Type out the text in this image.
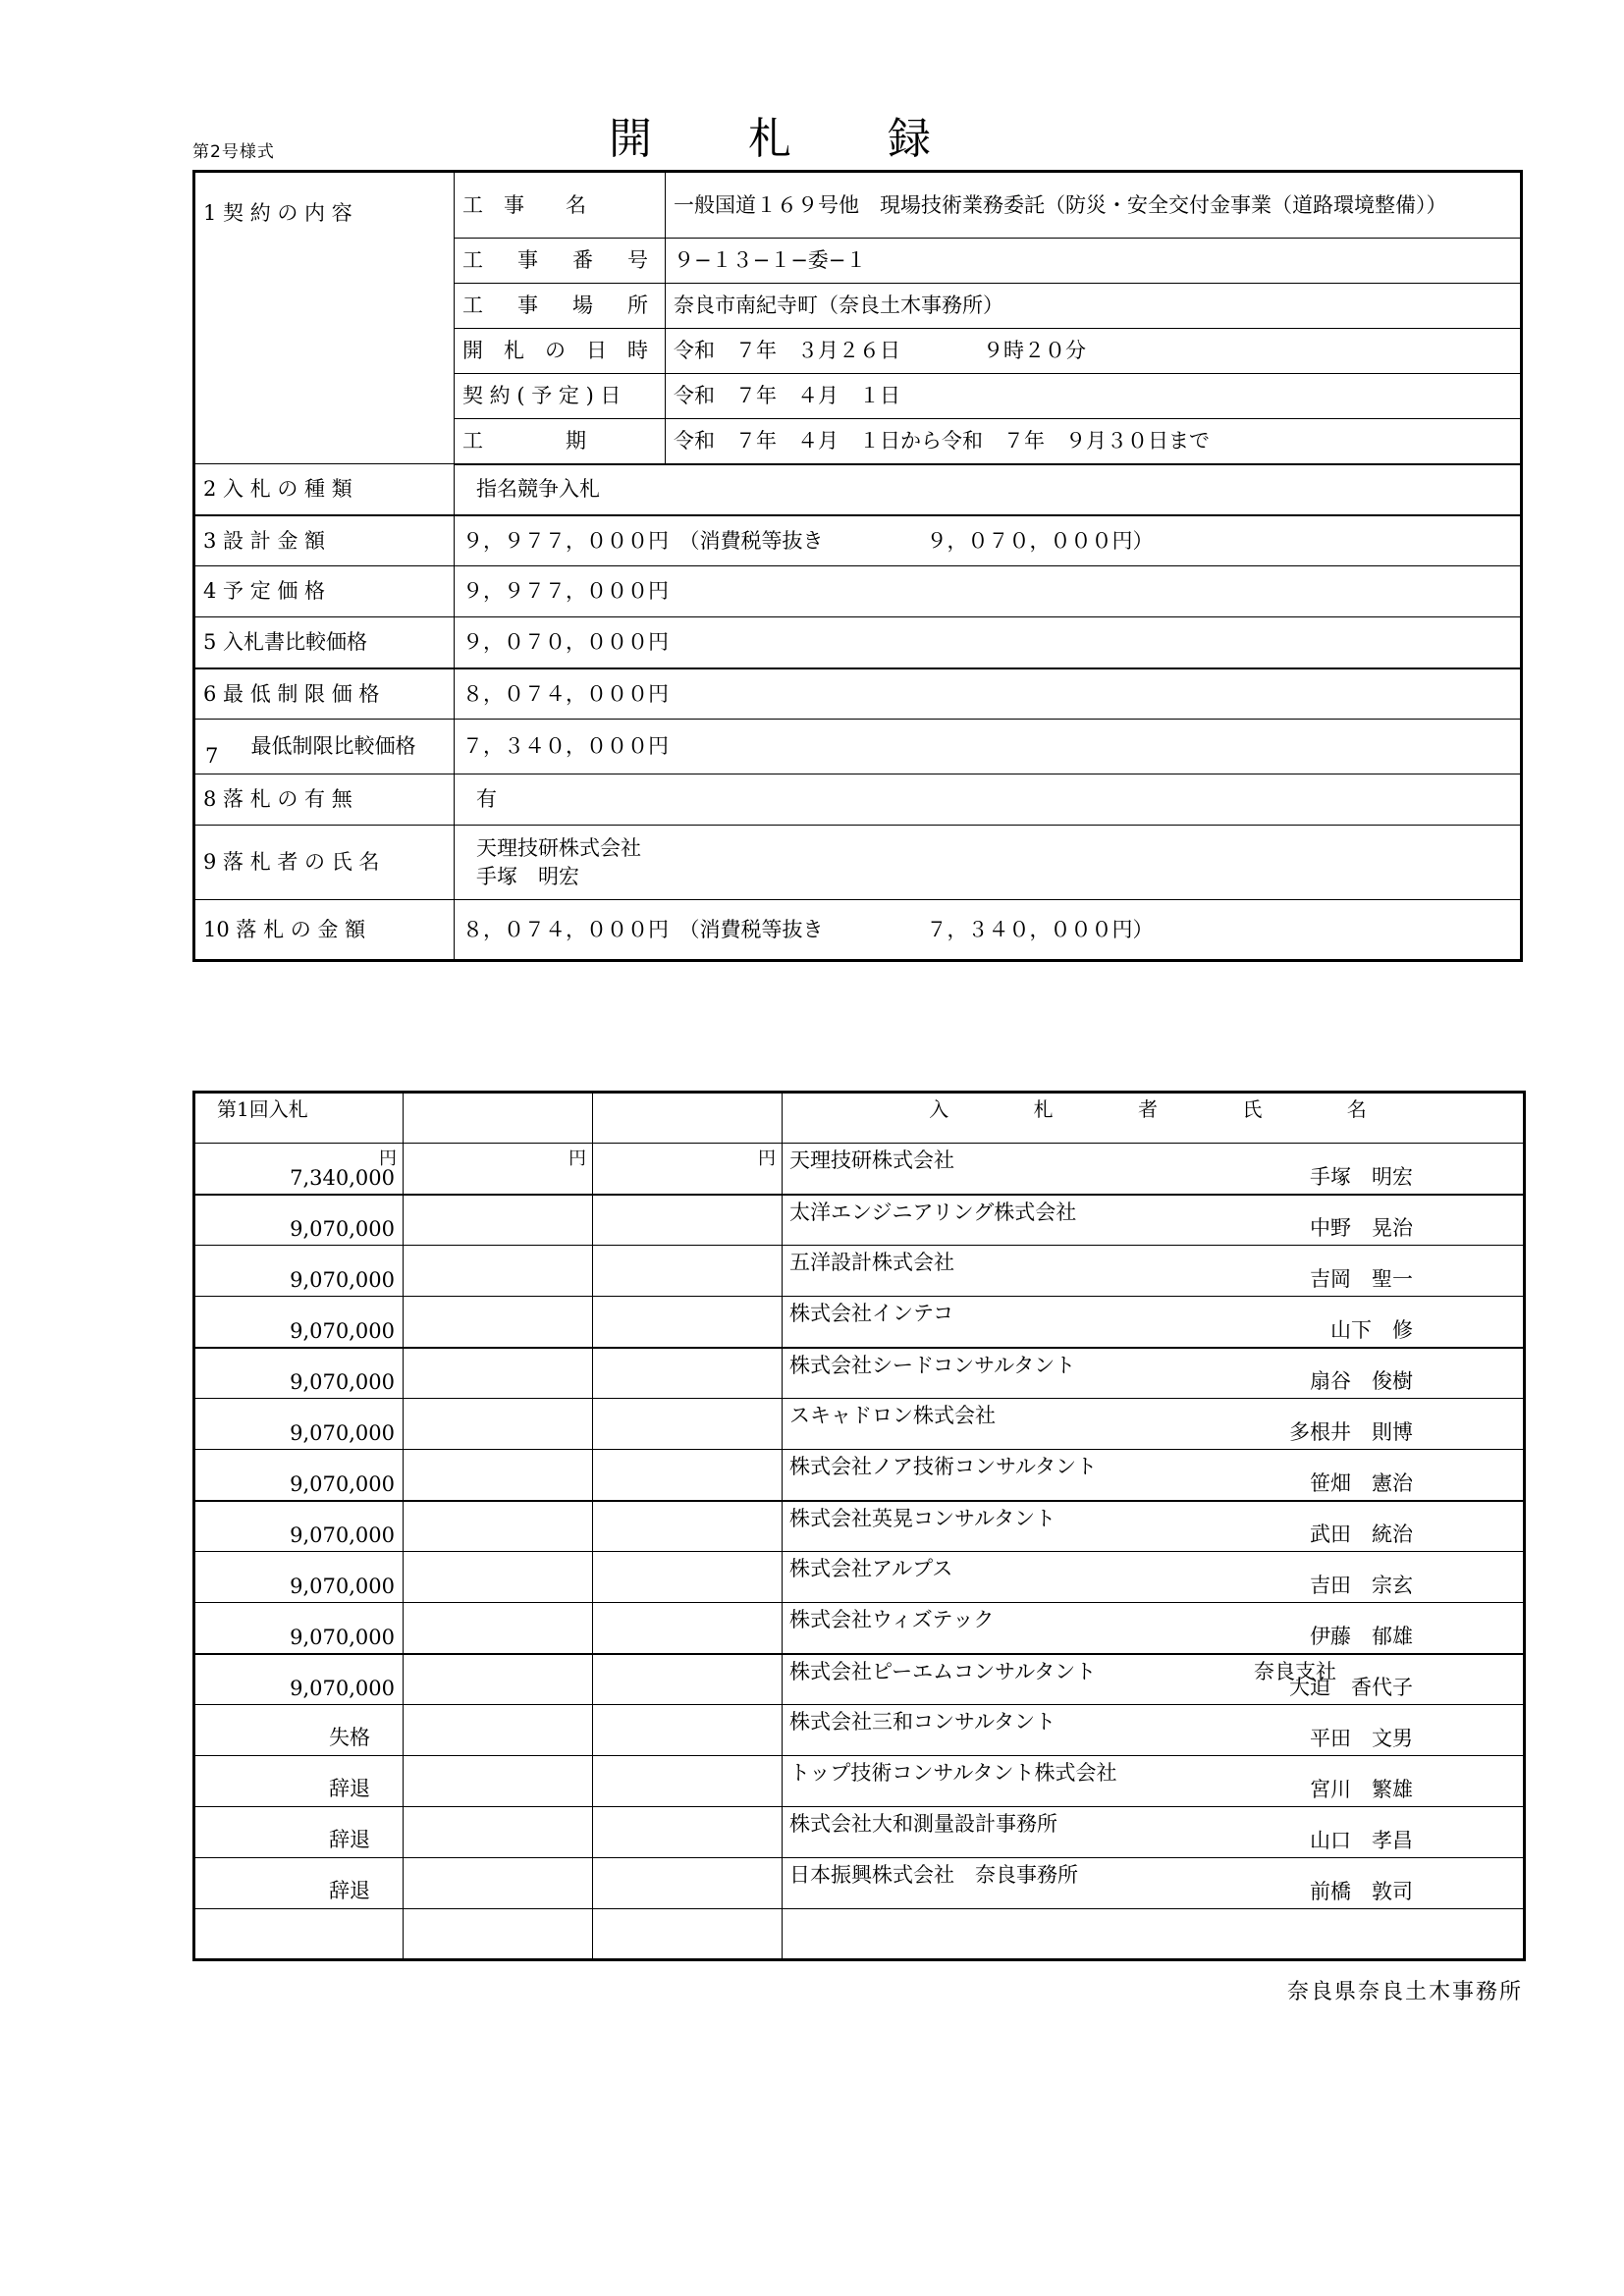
第2号様式	開 札 録
1 契 約 の 内 容	工　事　　名	一般国道１６９号他　現場技術業務委託（防災・安全交付金事業（道路環境整備））
	工　事　番　号	９−１３−１−委−１
	工　事　場　所	奈良市南紀寺町（奈良土木事務所）
	開　札　の　日　時	令和　７年　３月２６日　　　　９時２０分
	契 約 ( 予 定 ) 日	令和　７年　４月　１日
	工　　　　期	令和　７年　４月　１日から令和　７年　９月３０日まで
2 入 札 の 種 類	指名競争入札	
3 設 計 金 額	９，９７７，０００円　（消費税等抜き　　　　　９，０７０，０００円）	
4 予 定 価 格	９，９７７，０００円	
5 入札書比較価格	９，０７０，０００円	
6 最 低 制 限 価 格	８，０７４，０００円	

7 最低制限比較価格	７，３４０，０００円	
8 落 札 の 有 無	有	
9 落 札 者 の 氏 名	天理技研株式会社
手塚　明宏	

10 落 札 の 金 額	８，０７４，０００円　（消費税等抜き　　　　　７，３４０，０００円）	
第1回入札			入 札 者 氏 名

円
7,340,000	円	円	天理技研株式会社
手塚　明宏

9,070,000			太洋エンジニアリング株式会社
中野　晃治

9,070,000			五洋設計株式会社
吉岡　聖一

9,070,000			株式会社インテコ
山下　修

9,070,000			株式会社シードコンサルタント
扇谷　俊樹

9,070,000			スキャドロン株式会社
多根井　則博

9,070,000			株式会社ノア技術コンサルタント
笹畑　憲治

9,070,000			株式会社英晃コンサルタント
武田　統治

9,070,000			株式会社アルプス
吉田　宗玄

9,070,000			株式会社ウィズテック
伊藤　郁雄

9,070,000			株式会社ピーエムコンサルタント 奈良支社
大迫　香代子

失格			株式会社三和コンサルタント
平田　文男

辞退			トップ技術コンサルタント株式会社
宮川　繁雄

辞退			株式会社大和測量設計事務所
山口　孝昌

辞退			日本振興株式会社　奈良事務所
前橋　敦司

奈良県奈良土木事務所
